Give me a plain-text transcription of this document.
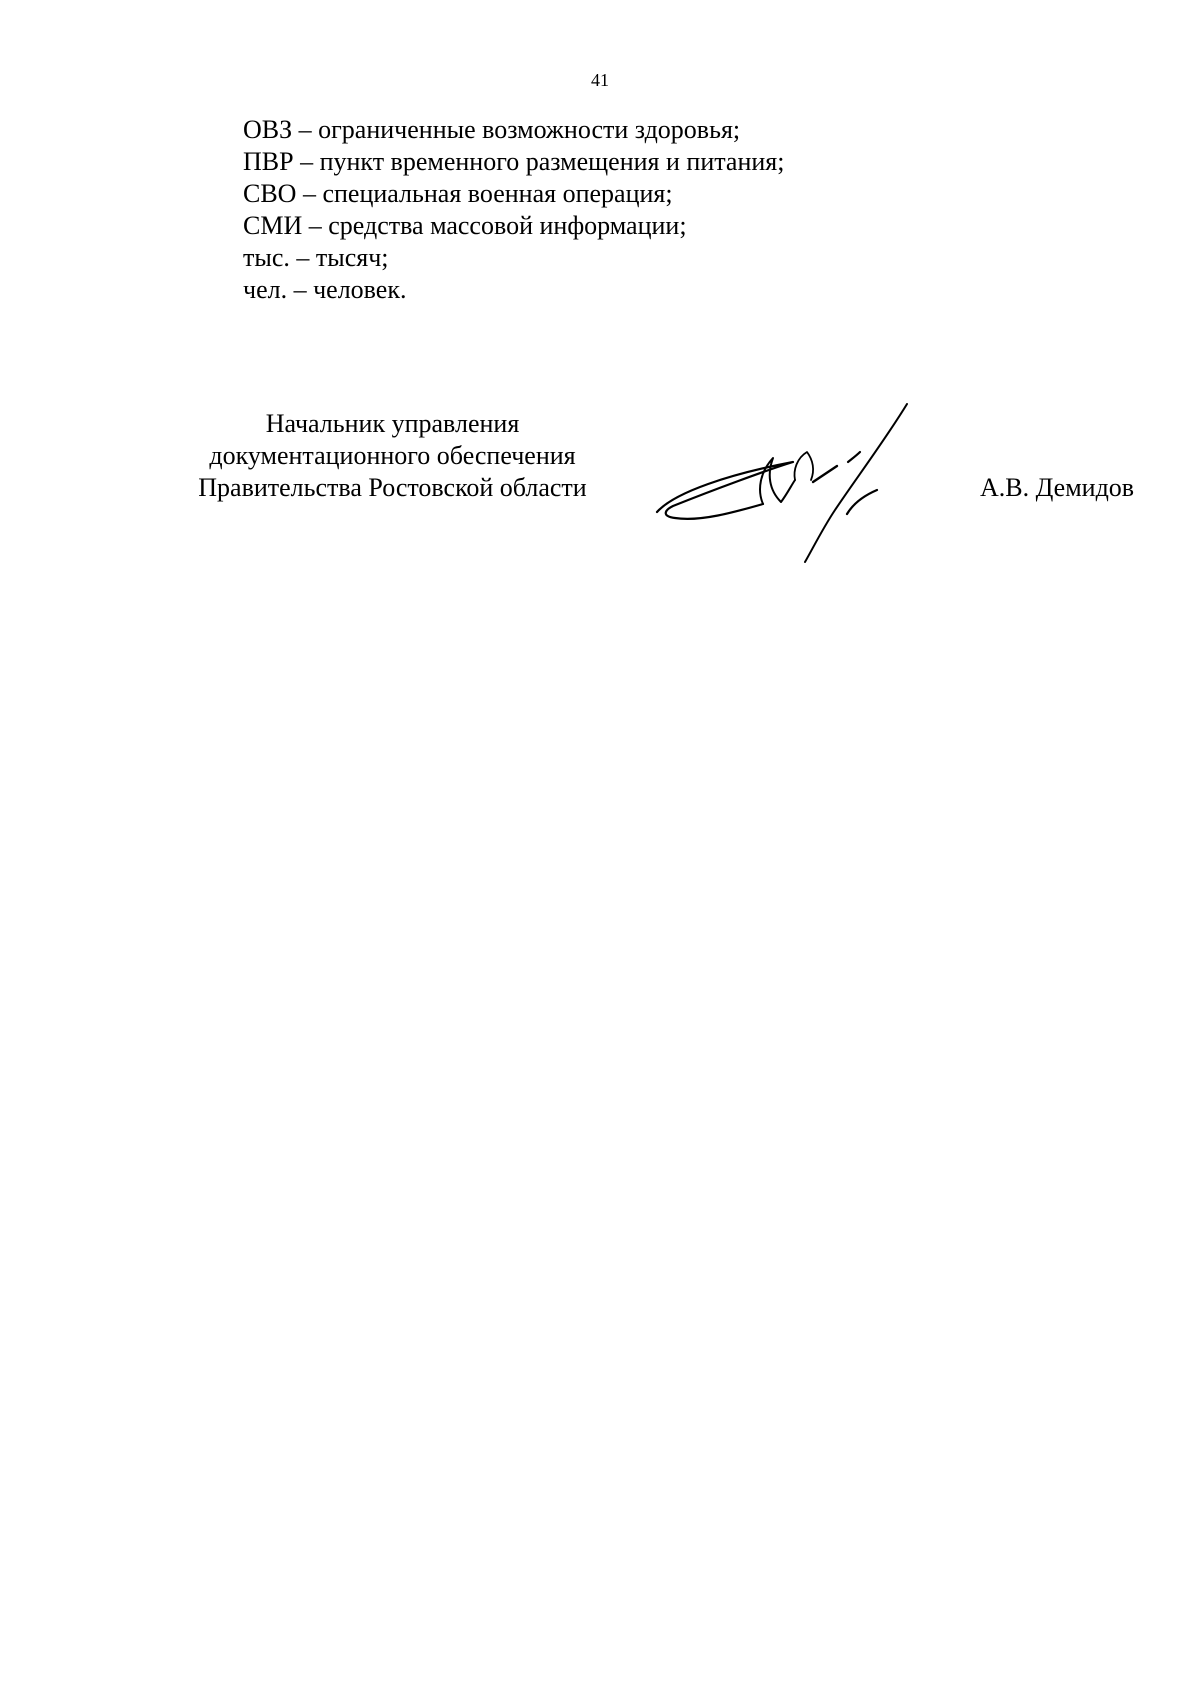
41
ОВЗ – ограниченные возможности здоровья;
ПВР – пункт временного размещения и питания;
СВО – специальная военная операция;
СМИ – средства массовой информации;
тыс. – тысяч;
чел. – человек.
Начальник управления
документационного обеспечения
Правительства Ростовской области	А.В. Демидов
